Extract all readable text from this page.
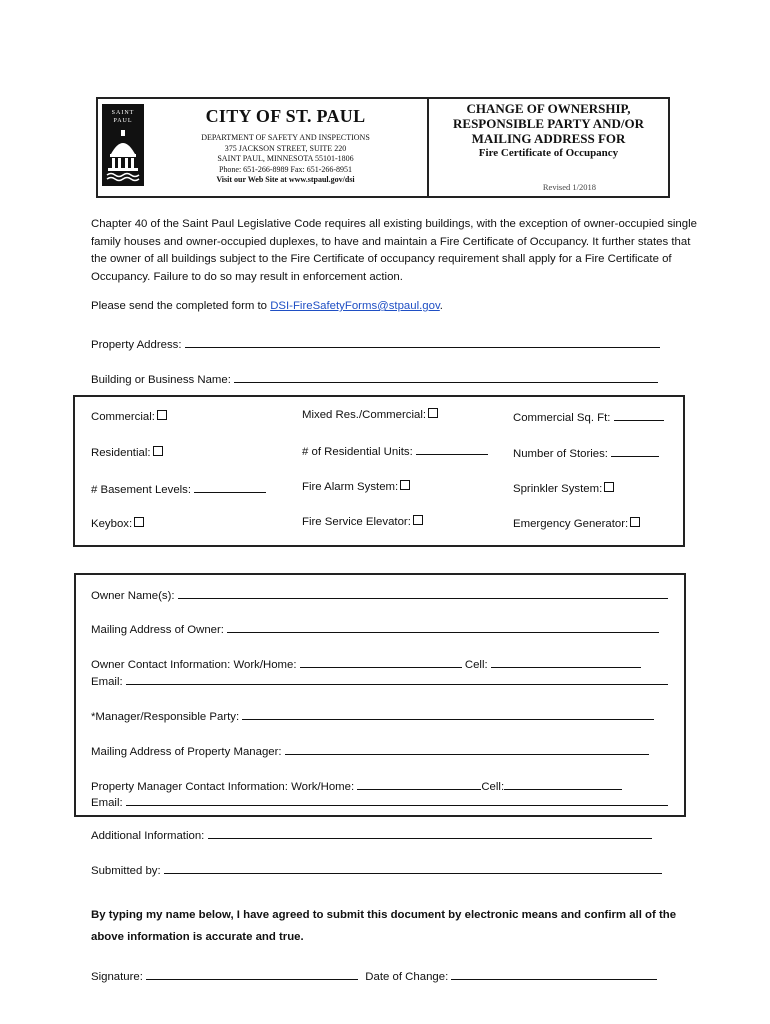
SAINT
PAUL	CITY OF ST. PAUL
DEPARTMENT OF SAFETY AND INSPECTIONS
375 JACKSON STREET, SUITE 220
SAINT PAUL, MINNESOTA 55101-1806
Phone: 651-266-8989 Fax: 651-266-8951
Visit our Web Site at www.stpaul.gov/dsi
CHANGE OF OWNERSHIP,
RESPONSIBLE PARTY AND/OR
MAILING ADDRESS FOR
Fire Certificate of Occupancy
Revised 1/2018
Chapter 40 of the Saint Paul Legislative Code requires all existing buildings, with the exception of owner-occupied single family houses and owner-occupied duplexes, to have and maintain a Fire Certificate of Occupancy. It further states that the owner of all buildings subject to the Fire Certificate of occupancy requirement shall apply for a Fire Certificate of Occupancy. Failure to do so may result in enforcement action.
Please send the completed form to DSI-FireSafetyForms@stpaul.gov.
Property Address:
Building or Business Name:
Commercial:	Mixed Res./Commercial:	Commercial Sq. Ft:
Residential:	# of Residential Units:	Number of Stories:
# Basement Levels:	Fire Alarm System:	Sprinkler System:
Keybox:	Fire Service Elevator:	Emergency Generator:
Owner Name(s):
Mailing Address of Owner:
Owner Contact Information: Work/Home:	Cell:
Email:
*Manager/Responsible Party:
Mailing Address of Property Manager:
Property Manager Contact Information: Work/Home:	Cell:
Email:
Additional Information:
Submitted by:
By typing my name below, I have agreed to submit this document by electronic means and confirm all of the above information is accurate and true.
Signature:	Date of Change:
